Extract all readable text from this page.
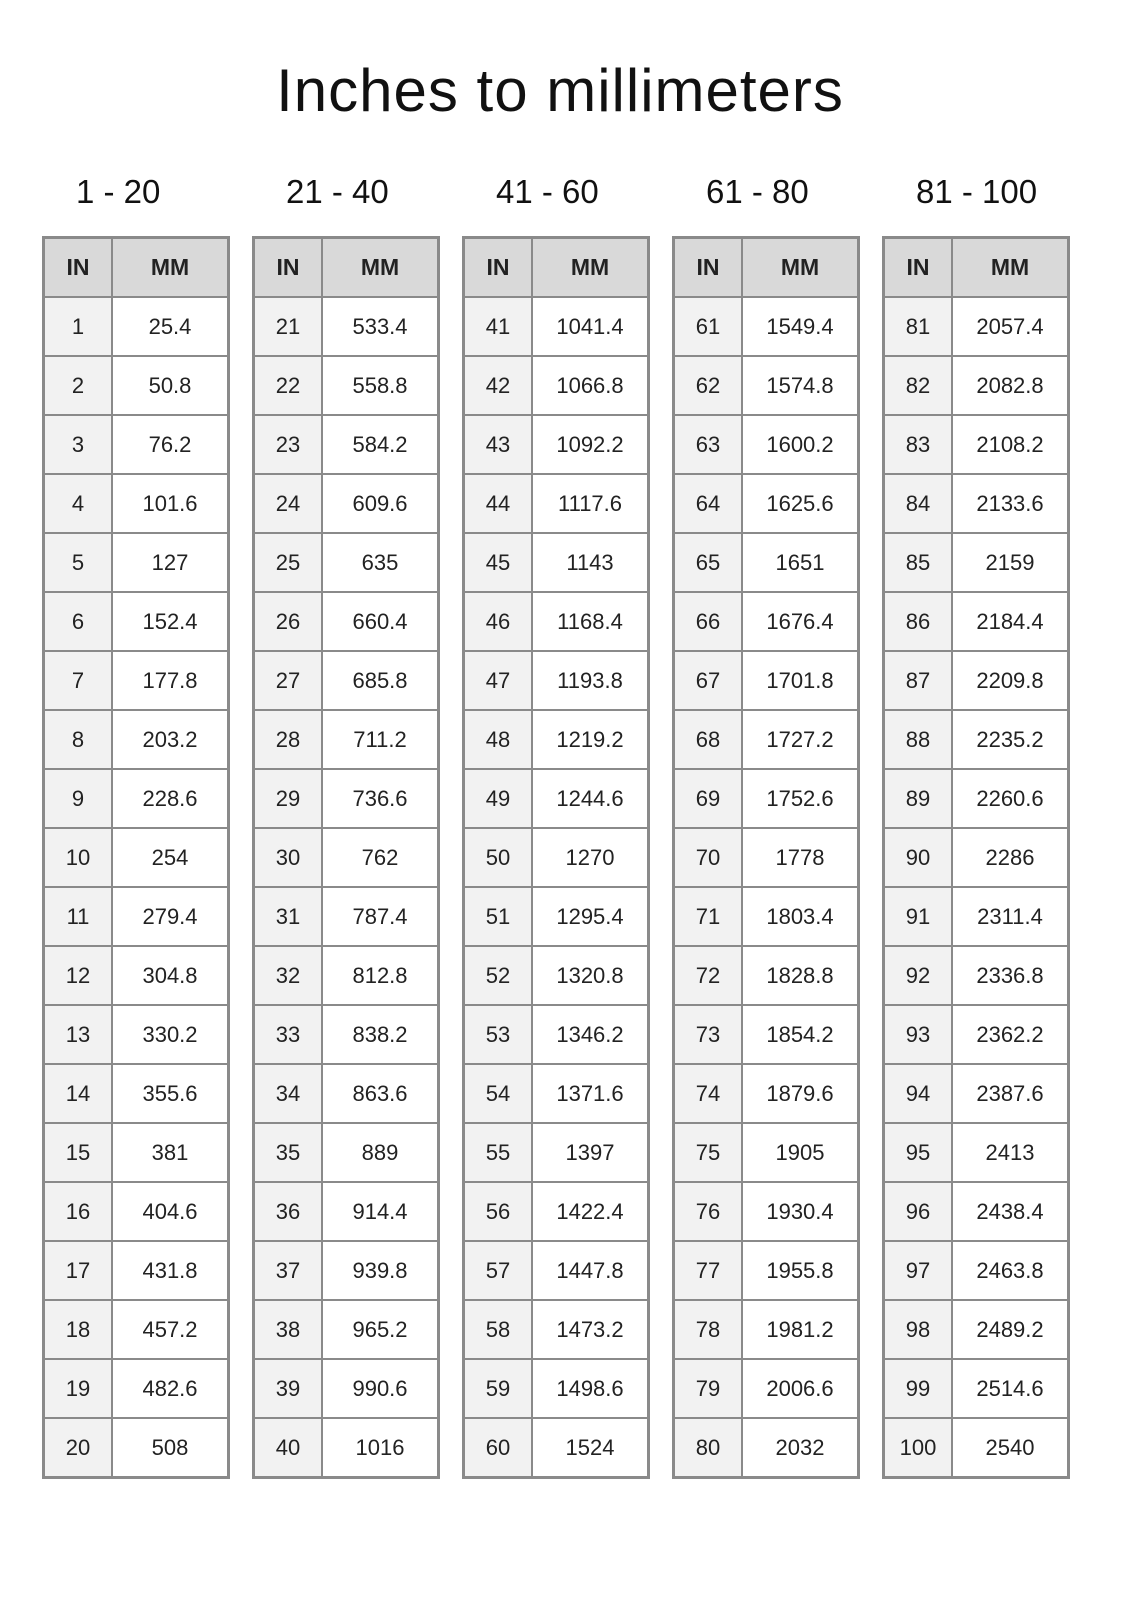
Inches to millimeters
1 - 20
IN	MM
1	25.4
2	50.8
3	76.2
4	101.6
5	127
6	152.4
7	177.8
8	203.2
9	228.6
10	254
11	279.4
12	304.8
13	330.2
14	355.6
15	381
16	404.6
17	431.8
18	457.2
19	482.6
20	508
21 - 40
IN	MM
21	533.4
22	558.8
23	584.2
24	609.6
25	635
26	660.4
27	685.8
28	711.2
29	736.6
30	762
31	787.4
32	812.8
33	838.2
34	863.6
35	889
36	914.4
37	939.8
38	965.2
39	990.6
40	1016
41 - 60
IN	MM
41	1041.4
42	1066.8
43	1092.2
44	1117.6
45	1143
46	1168.4
47	1193.8
48	1219.2
49	1244.6
50	1270
51	1295.4
52	1320.8
53	1346.2
54	1371.6
55	1397
56	1422.4
57	1447.8
58	1473.2
59	1498.6
60	1524
61 - 80
IN	MM
61	1549.4
62	1574.8
63	1600.2
64	1625.6
65	1651
66	1676.4
67	1701.8
68	1727.2
69	1752.6
70	1778
71	1803.4
72	1828.8
73	1854.2
74	1879.6
75	1905
76	1930.4
77	1955.8
78	1981.2
79	2006.6
80	2032
81 - 100
IN	MM
81	2057.4
82	2082.8
83	2108.2
84	2133.6
85	2159
86	2184.4
87	2209.8
88	2235.2
89	2260.6
90	2286
91	2311.4
92	2336.8
93	2362.2
94	2387.6
95	2413
96	2438.4
97	2463.8
98	2489.2
99	2514.6
100	2540
